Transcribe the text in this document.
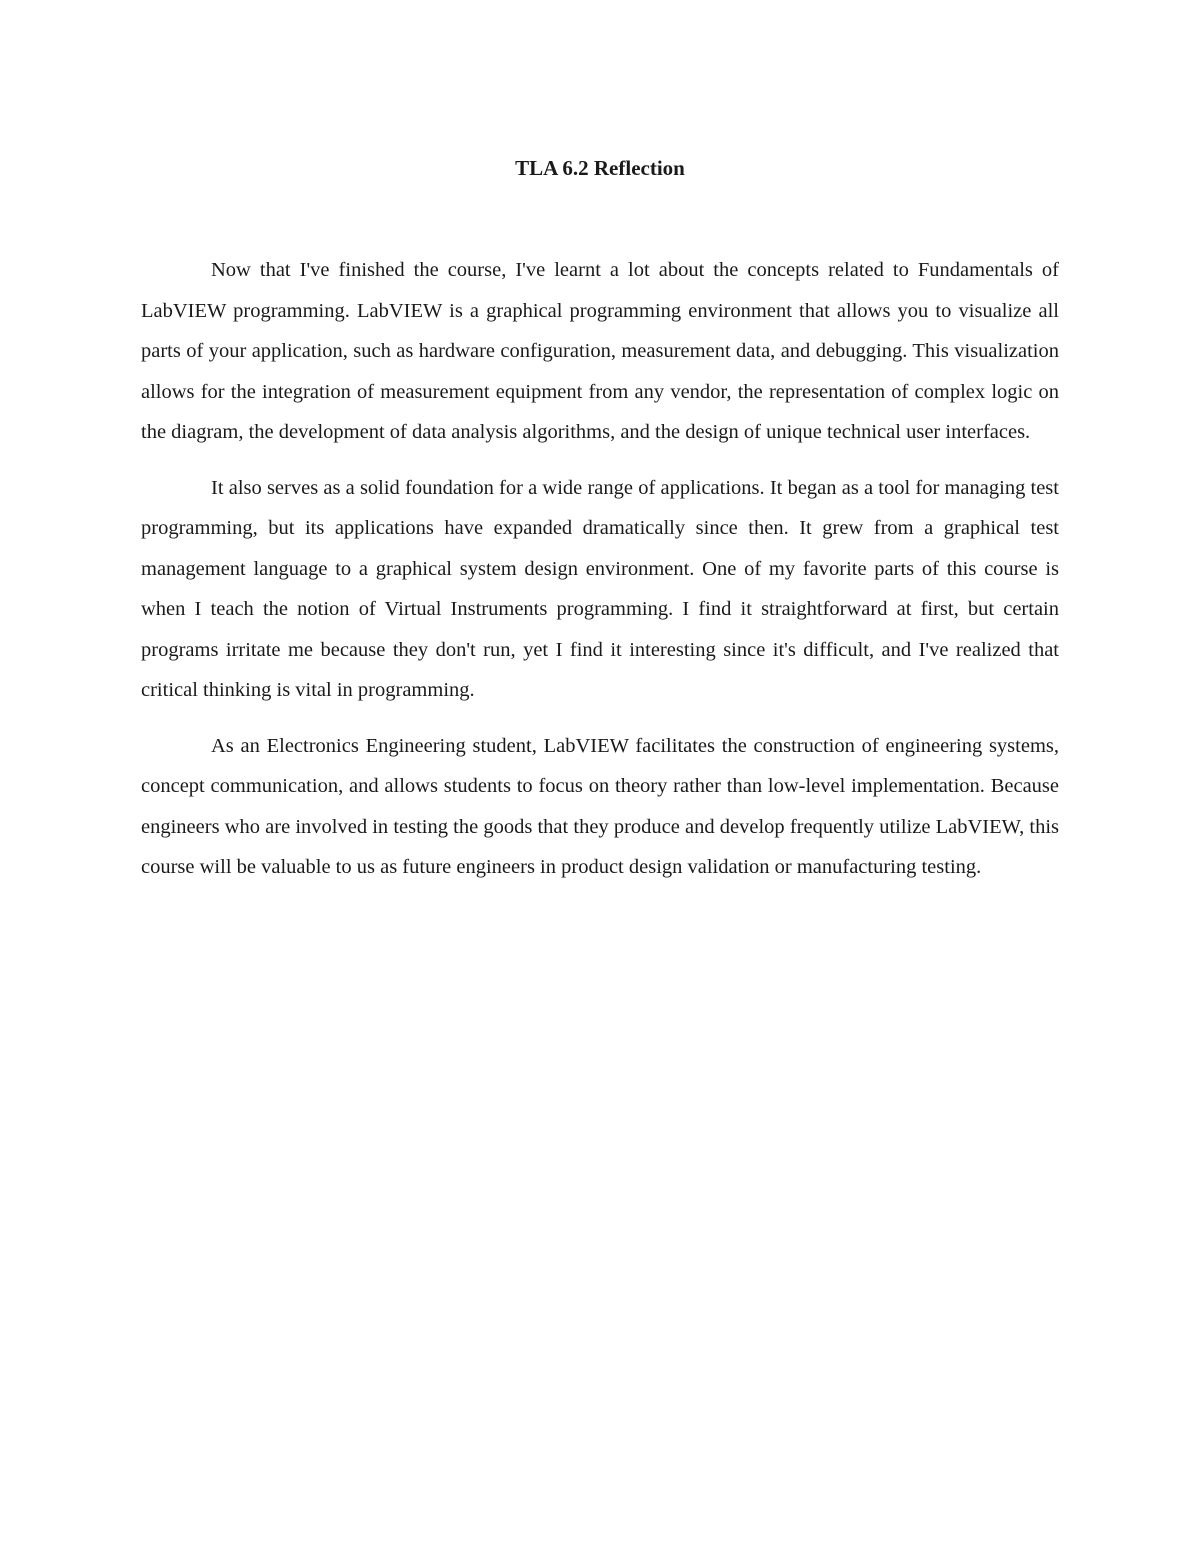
TLA 6.2 Reflection

Now that I've finished the course, I've learnt a lot about the concepts related to Fundamentals of LabVIEW programming. LabVIEW is a graphical programming environment that allows you to visualize all parts of your application, such as hardware configuration, measurement data, and debugging. This visualization allows for the integration of measurement equipment from any vendor, the representation of complex logic on the diagram, the development of data analysis algorithms, and the design of unique technical user interfaces.

It also serves as a solid foundation for a wide range of applications. It began as a tool for managing test programming, but its applications have expanded dramatically since then. It grew from a graphical test management language to a graphical system design environment. One of my favorite parts of this course is when I teach the notion of Virtual Instruments programming. I find it straightforward at first, but certain programs irritate me because they don't run, yet I find it interesting since it's difficult, and I've realized that critical thinking is vital in programming.

As an Electronics Engineering student, LabVIEW facilitates the construction of engineering systems, concept communication, and allows students to focus on theory rather than low-level implementation. Because engineers who are involved in testing the goods that they produce and develop frequently utilize LabVIEW, this course will be valuable to us as future engineers in product design validation or manufacturing testing.
